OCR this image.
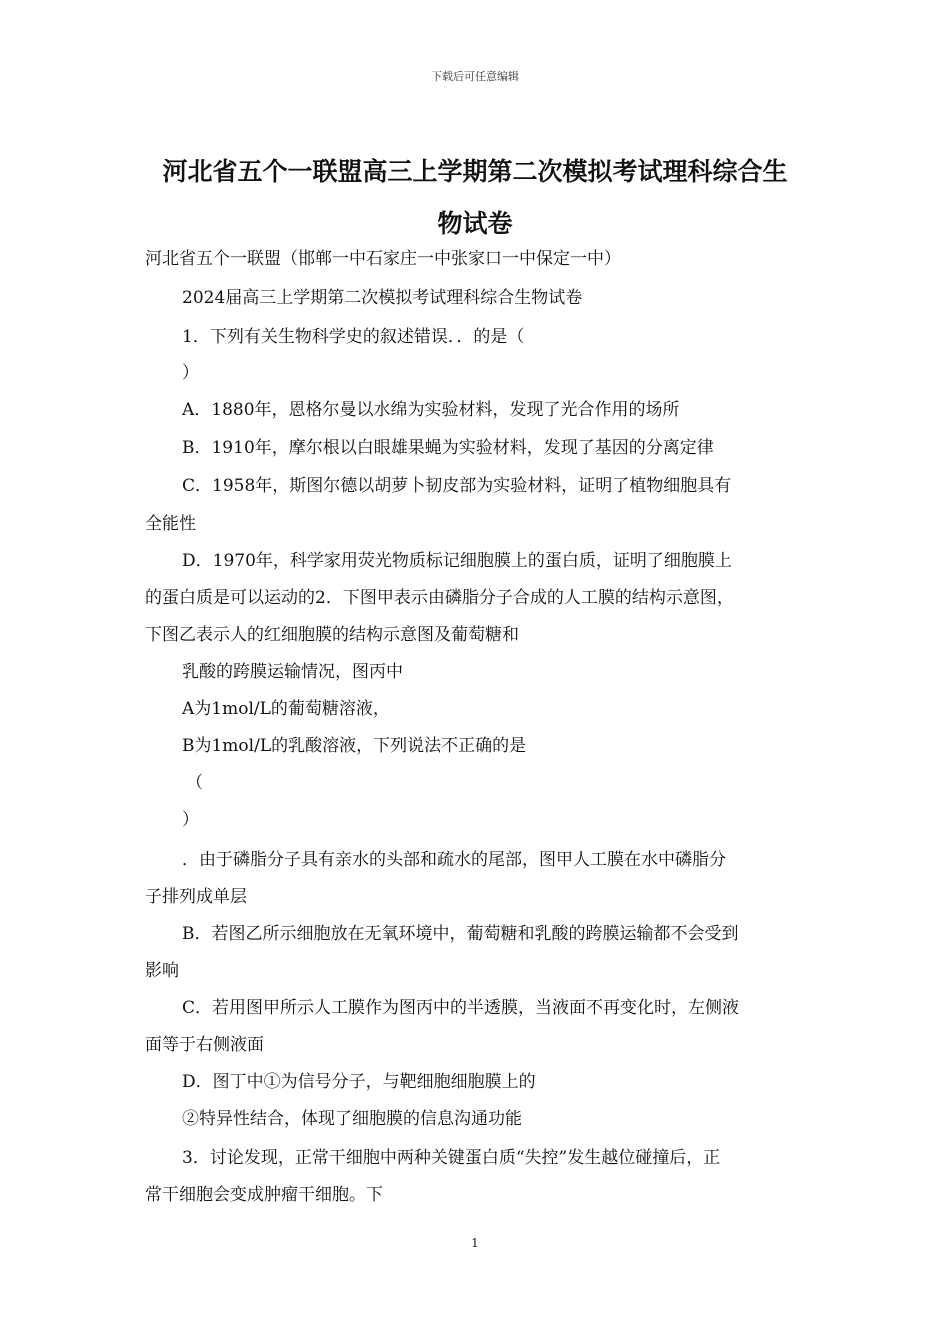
下载后可任意编辑
河北省五个一联盟高三上学期第二次模拟考试理科综合生
物试卷
河北省五个一联盟（邯郸一中石家庄一中张家口一中保定一中）
2024届高三上学期第二次模拟考试理科综合生物试卷
1．下列有关生物科学史的叙述错误．．的是（
）
A．1880年，恩格尔曼以水绵为实验材料，发现了光合作用的场所
B．1910年，摩尔根以白眼雄果蝇为实验材料，发现了基因的分离定律
C．1958年，斯图尔德以胡萝卜韧皮部为实验材料，证明了植物细胞具有
全能性
D．1970年，科学家用荧光物质标记细胞膜上的蛋白质，证明了细胞膜上
的蛋白质是可以运动的2．下图甲表示由磷脂分子合成的人工膜的结构示意图，
下图乙表示人的红细胞膜的结构示意图及葡萄糖和
乳酸的跨膜运输情况，图丙中
A为1mol/L的葡萄糖溶液，
B为1mol/L的乳酸溶液，下列说法不正确的是
（
）
．由于磷脂分子具有亲水的头部和疏水的尾部，图甲人工膜在水中磷脂分
子排列成单层
B．若图乙所示细胞放在无氧环境中，葡萄糖和乳酸的跨膜运输都不会受到
影响
C．若用图甲所示人工膜作为图丙中的半透膜，当液面不再变化时，左侧液
面等于右侧液面
D．图丁中①为信号分子，与靶细胞细胞膜上的
②特异性结合，体现了细胞膜的信息沟通功能
3．讨论发现，正常干细胞中两种关键蛋白质“失控”发生越位碰撞后，正
常干细胞会变成肿瘤干细胞。下
1
